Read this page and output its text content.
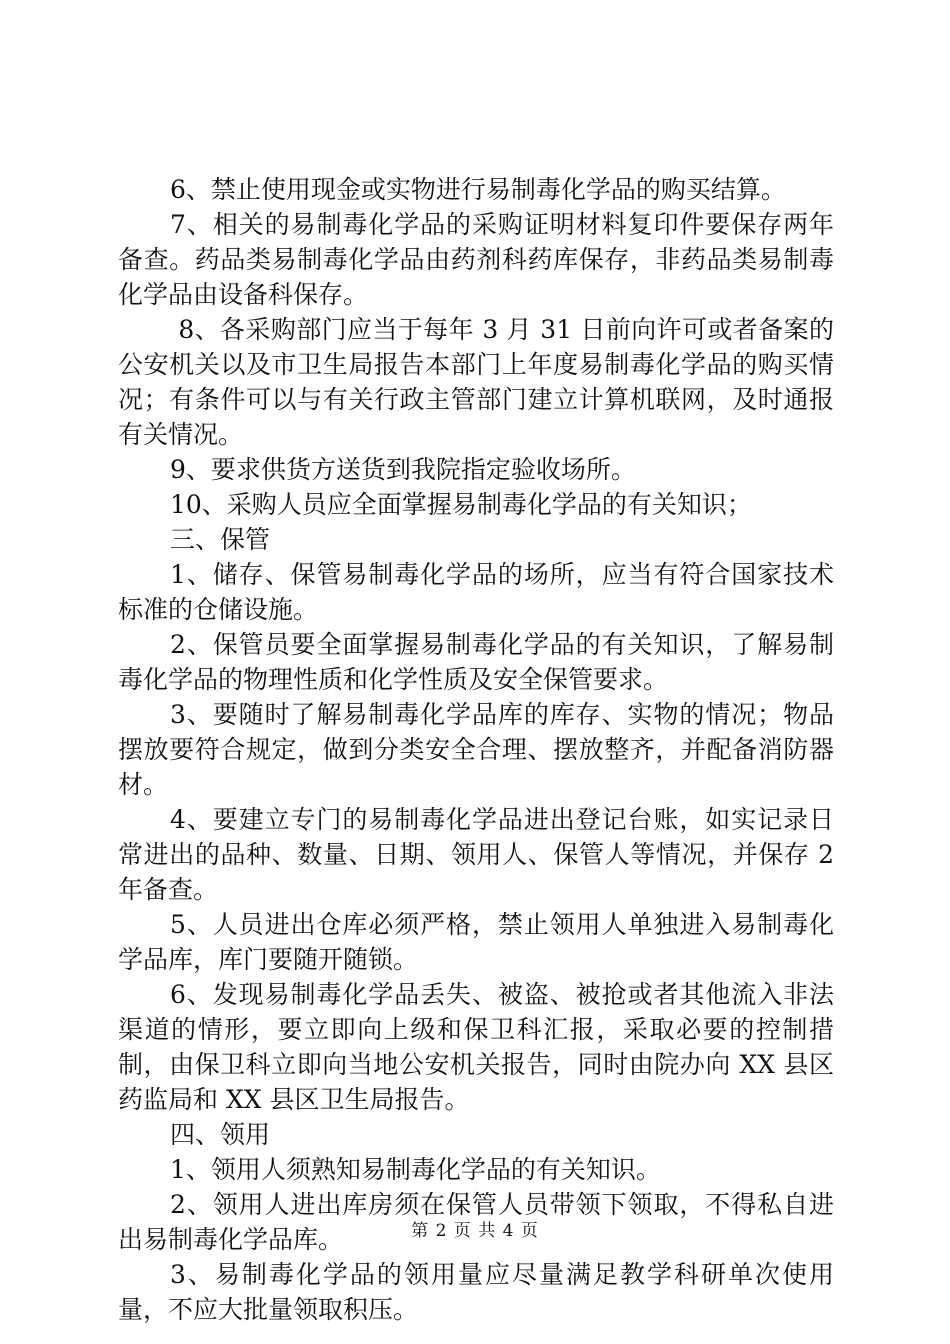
6、禁止使用现金或实物进行易制毒化学品的购买结算。

7、相关的易制毒化学品的采购证明材料复印件要保存两年备查。药品类易制毒化学品由药剂科药库保存，非药品类易制毒化学品由设备科保存。

8、各采购部门应当于每年 3 月 31 日前向许可或者备案的公安机关以及市卫生局报告本部门上年度易制毒化学品的购买情况；有条件可以与有关行政主管部门建立计算机联网，及时通报有关情况。

9、要求供货方送货到我院指定验收场所。

10、采购人员应全面掌握易制毒化学品的有关知识；

三、保管

1、储存、保管易制毒化学品的场所，应当有符合国家技术标准的仓储设施。

2、保管员要全面掌握易制毒化学品的有关知识，了解易制毒化学品的物理性质和化学性质及安全保管要求。

3、要随时了解易制毒化学品库的库存、实物的情况；物品摆放要符合规定，做到分类安全合理、摆放整齐，并配备消防器材。

4、要建立专门的易制毒化学品进出登记台账，如实记录日常进出的品种、数量、日期、领用人、保管人等情况，并保存 2 年备查。

5、人员进出仓库必须严格，禁止领用人单独进入易制毒化学品库，库门要随开随锁。

6、发现易制毒化学品丢失、被盗、被抢或者其他流入非法渠道的情形，要立即向上级和保卫科汇报，采取必要的控制措制，由保卫科立即向当地公安机关报告，同时由院办向 XX 县区药监局和 XX 县区卫生局报告。

四、领用

1、领用人须熟知易制毒化学品的有关知识。

2、领用人进出库房须在保管人员带领下领取，不得私自进出易制毒化学品库。

3、易制毒化学品的领用量应尽量满足教学科研单次使用量，不应大批量领取积压。

第 2 页 共 4 页
